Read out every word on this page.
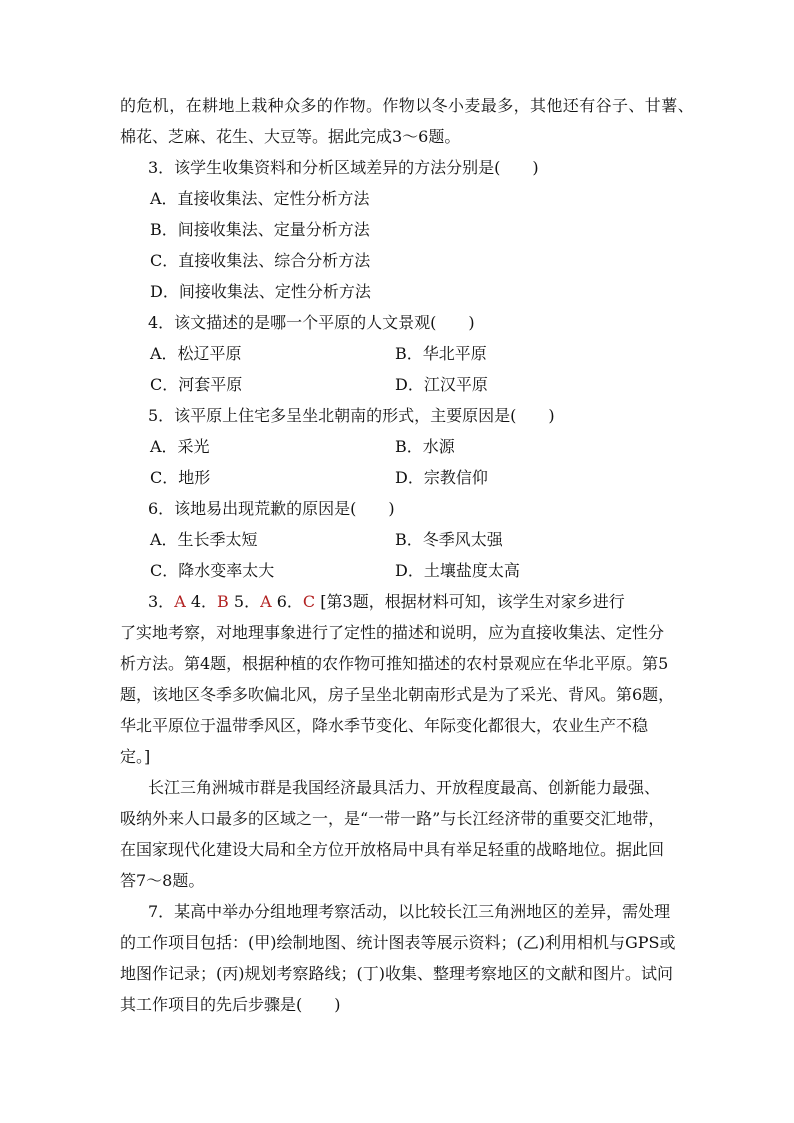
的危机，在耕地上栽种众多的作物。作物以冬小麦最多，其他还有谷子、甘薯、
棉花、芝麻、花生、大豆等。据此完成3～6题。
3．该学生收集资料和分析区域差异的方法分别是(　　)
A．直接收集法、定性分析方法
B．间接收集法、定量分析方法
C．直接收集法、综合分析方法
D．间接收集法、定性分析方法
4．该文描述的是哪一个平原的人文景观(　　)
A．松辽平原	B．华北平原
C．河套平原	D．江汉平原
5．该平原上住宅多呈坐北朝南的形式，主要原因是(　　)
A．采光	B．水源
C．地形	D．宗教信仰
6．该地易出现荒歉的原因是(　　)
A．生长季太短	B．冬季风太强
C．降水变率太大	D．土壤盐度太高
3．A 4．B 5．A 6．C [第3题，根据材料可知，该学生对家乡进行
了实地考察，对地理事象进行了定性的描述和说明，应为直接收集法、定性分
析方法。第4题，根据种植的农作物可推知描述的农村景观应在华北平原。第5
题，该地区冬季多吹偏北风，房子呈坐北朝南形式是为了采光、背风。第6题，
华北平原位于温带季风区，降水季节变化、年际变化都很大，农业生产不稳
定。]
长江三角洲城市群是我国经济最具活力、开放程度最高、创新能力最强、
吸纳外来人口最多的区域之一，是“一带一路”与长江经济带的重要交汇地带，
在国家现代化建设大局和全方位开放格局中具有举足轻重的战略地位。据此回
答7～8题。
7．某高中举办分组地理考察活动，以比较长江三角洲地区的差异，需处理
的工作项目包括：(甲)绘制地图、统计图表等展示资料；(乙)利用相机与GPS或
地图作记录；(丙)规划考察路线；(丁)收集、整理考察地区的文献和图片。试问
其工作项目的先后步骤是(　　)
